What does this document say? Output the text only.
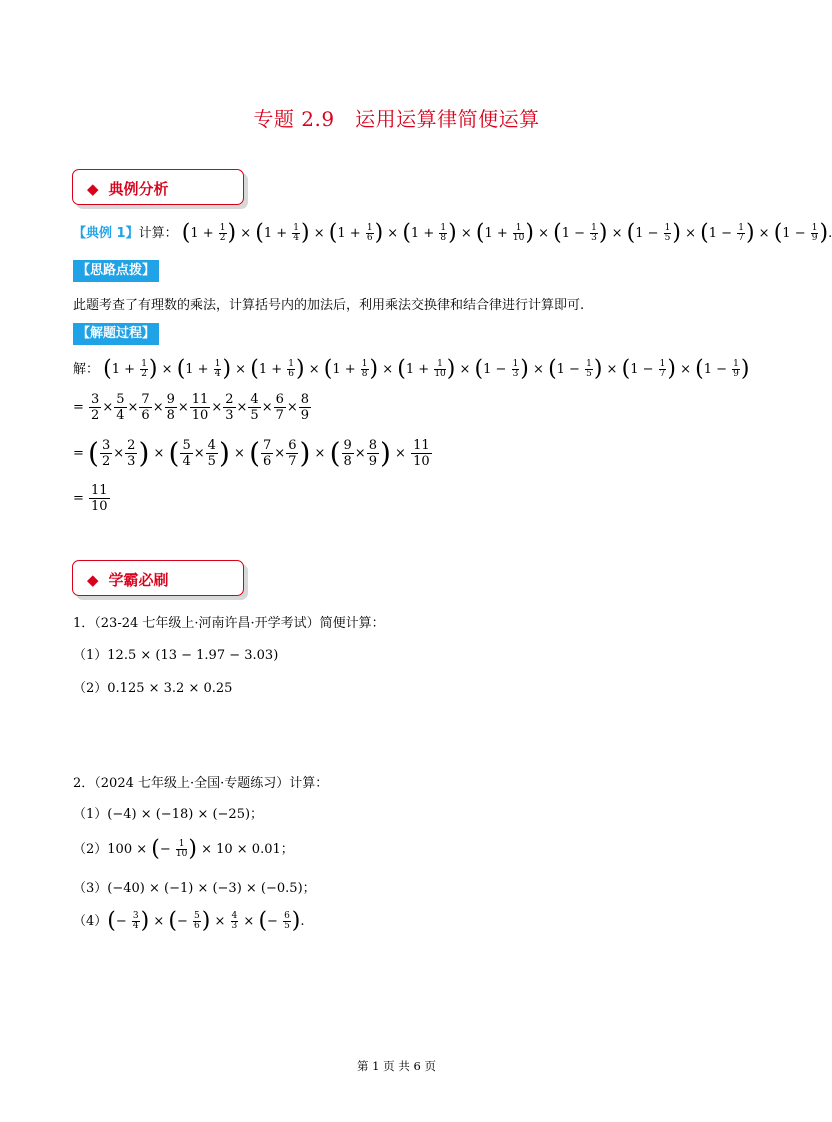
专题 2.9　运用运算律简便运算
◆ 典例分析
【典例 1】计算： ($1 + \frac{1}{2}$ ) × ($1 + \frac{1}{4}$ ) × ($1 + \frac{1}{6}$ ) × ($1 + \frac{1}{8}$ ) × ($1 + \frac{1}{10}$ ) × ($1 - \frac{1}{3}$ ) × ($1 - \frac{1}{5}$ ) × ($1 - \frac{1}{7}$ ) × ($1 - \frac{1}{9}$ ).
【思路点拨】
此题考查了有理数的乘法，计算括号内的加法后，利用乘法交换律和结合律进行计算即可.
【解题过程】
解： ($1 + \frac{1}{2}$ ) × ($1 + \frac{1}{4}$ ) × ($1 + \frac{1}{6}$ ) × ($1 + \frac{1}{8}$ ) × ($1 + \frac{1}{10}$ ) × ($1 - \frac{1}{3}$ ) × ($1 - \frac{1}{5}$ ) × ($1 - \frac{1}{7}$ ) × ($1 - \frac{1}{9}$ )
= $\frac{3}{2} \times \frac{5}{4} \times \frac{7}{6} \times \frac{9}{8} \times \frac{11}{10} \times \frac{2}{3} \times \frac{4}{5} \times \frac{6}{7} \times \frac{8}{9}$
= ( $\frac{3}{2} \times \frac{2}{3}$ ) × ( $\frac{5}{4} \times \frac{4}{5}$ ) × ( $\frac{7}{6} \times \frac{6}{7}$ ) × ( $\frac{9}{8} \times \frac{8}{9}$ ) × $\frac{11}{10}$
= $\frac{11}{10}$
◆ 学霸必刷
1．（23-24 七年级上·河南许昌·开学考试）简便计算：
（1）12.5 × (13 − 1.97 − 3.03)
（2）0.125 × 3.2 × 0.25
2．（2024 七年级上·全国·专题练习）计算：
（1）(−4) × (−18) × (−25)；
（2）100 × (− $\frac{1}{10}$ ) × 10 × 0.01；
（3）(−40) × (−1) × (−3) × (−0.5)；
$(4)(- \frac{3}{4}$ ) × (− $\frac{5}{6}$ ) × $\frac{4}{3}$ × (− $\frac{6}{5}$ ).
第 1 页 共 6 页
